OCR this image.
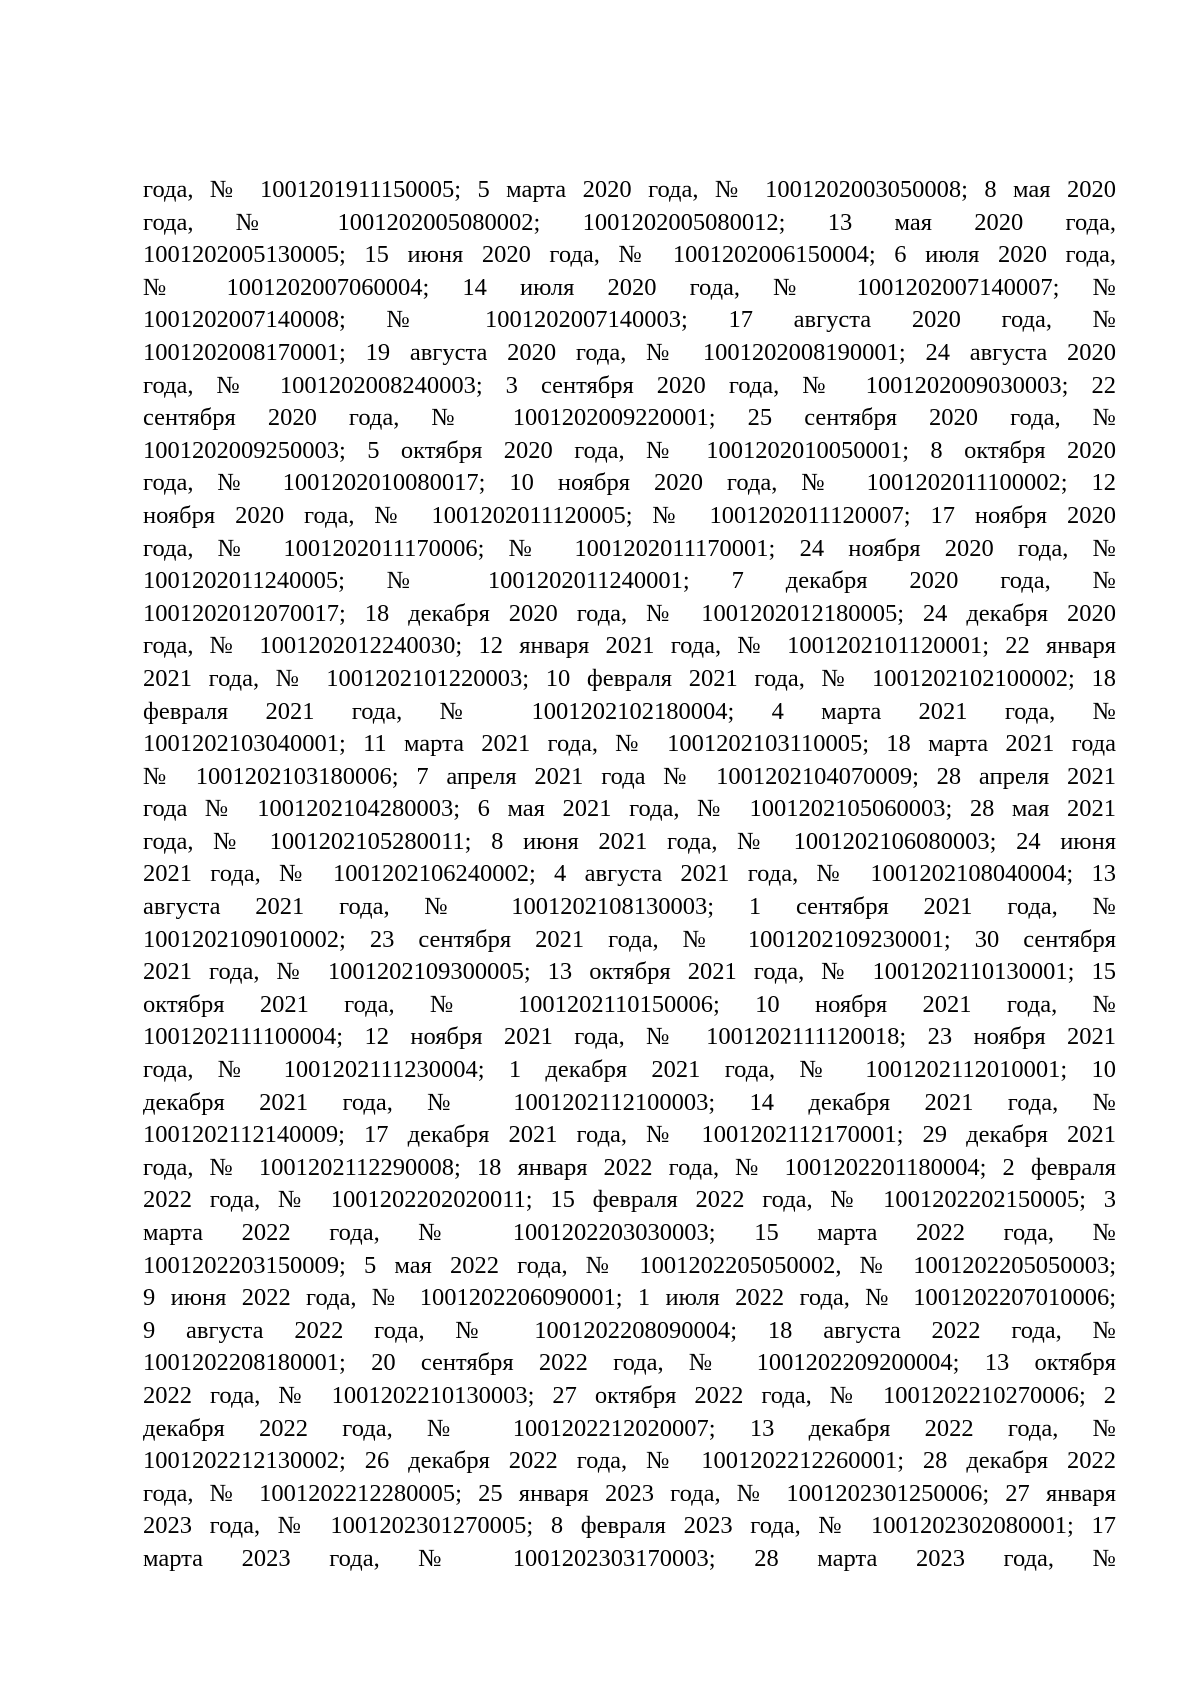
года, № 1001201911150005; 5 марта 2020 года, № 1001202003050008; 8 мая 2020
года, № 1001202005080002; 1001202005080012; 13 мая 2020 года,
1001202005130005; 15 июня 2020 года, № 1001202006150004; 6 июля 2020 года,
№ 1001202007060004; 14 июля 2020 года, № 1001202007140007; №
1001202007140008; № 1001202007140003; 17 августа 2020 года, №
1001202008170001; 19 августа 2020 года, № 1001202008190001; 24 августа 2020
года, № 1001202008240003; 3 сентября 2020 года, № 1001202009030003; 22
сентября 2020 года, № 1001202009220001; 25 сентября 2020 года, №
1001202009250003; 5 октября 2020 года, № 1001202010050001; 8 октября 2020
года, № 1001202010080017; 10 ноября 2020 года, № 1001202011100002; 12
ноября 2020 года, № 1001202011120005; № 1001202011120007; 17 ноября 2020
года, № 1001202011170006; № 1001202011170001; 24 ноября 2020 года, №
1001202011240005; № 1001202011240001; 7 декабря 2020 года, №
1001202012070017; 18 декабря 2020 года, № 1001202012180005; 24 декабря 2020
года, № 1001202012240030; 12 января 2021 года, № 1001202101120001; 22 января
2021 года, № 1001202101220003; 10 февраля 2021 года, № 1001202102100002; 18
февраля 2021 года, № 1001202102180004; 4 марта 2021 года, №
1001202103040001; 11 марта 2021 года, № 1001202103110005; 18 марта 2021 года
№ 1001202103180006; 7 апреля 2021 года № 1001202104070009; 28 апреля 2021
года № 1001202104280003; 6 мая 2021 года, № 1001202105060003; 28 мая 2021
года, № 1001202105280011; 8 июня 2021 года, № 1001202106080003; 24 июня
2021 года, № 1001202106240002; 4 августа 2021 года, № 1001202108040004; 13
августа 2021 года, № 1001202108130003; 1 сентября 2021 года, №
1001202109010002; 23 сентября 2021 года, № 1001202109230001; 30 сентября
2021 года, № 1001202109300005; 13 октября 2021 года, № 1001202110130001; 15
октября 2021 года, № 1001202110150006; 10 ноября 2021 года, №
1001202111100004; 12 ноября 2021 года, № 1001202111120018; 23 ноября 2021
года, № 1001202111230004; 1 декабря 2021 года, № 1001202112010001; 10
декабря 2021 года, № 1001202112100003; 14 декабря 2021 года, №
1001202112140009; 17 декабря 2021 года, № 1001202112170001; 29 декабря 2021
года, № 1001202112290008; 18 января 2022 года, № 1001202201180004; 2 февраля
2022 года, № 1001202202020011; 15 февраля 2022 года, № 1001202202150005; 3
марта 2022 года, № 1001202203030003; 15 марта 2022 года, №
1001202203150009; 5 мая 2022 года, № 1001202205050002, № 1001202205050003;
9 июня 2022 года, № 1001202206090001; 1 июля 2022 года, № 1001202207010006;
9 августа 2022 года, № 1001202208090004; 18 августа 2022 года, №
1001202208180001; 20 сентября 2022 года, № 1001202209200004; 13 октября
2022 года, № 1001202210130003; 27 октября 2022 года, № 1001202210270006; 2
декабря 2022 года, № 1001202212020007; 13 декабря 2022 года, №
1001202212130002; 26 декабря 2022 года, № 1001202212260001; 28 декабря 2022
года, № 1001202212280005; 25 января 2023 года, № 1001202301250006; 27 января
2023 года, № 1001202301270005; 8 февраля 2023 года, № 1001202302080001; 17
марта 2023 года, № 1001202303170003; 28 марта 2023 года, №
